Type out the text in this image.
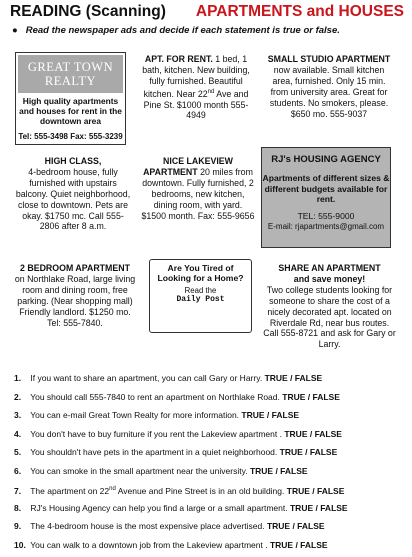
READING (Scanning) APARTMENTS and HOUSES
● Read the newspaper ads and decide if each statement is true or false.
GREAT TOWN
REALTY
High quality apartments and houses for rent in the downtown area
Tel: 555-3498 Fax: 555-3239
APT. FOR RENT. 1 bed, 1 bath, kitchen. New building, fully furnished. Beautiful kitchen. Near 22nd Ave and Pine St. $1000 month 555-4949
SMALL STUDIO APARTMENT now available. Small kitchen area, furnished. Only 15 min. from university area. Great for students. No smokers, please. $650 mo. 555-9037
HIGH CLASS,
4-bedroom house, fully furnished with upstairs balcony. Quiet neighborhood, close to downtown. Pets are okay. $1750 mc. Call 555-2806 after 8 a.m.
NICE LAKEVIEW APARTMENT 20 miles from downtown. Fully furnished, 2 bedrooms, new kitchen, dining room, with yard. $1500 month. Fax: 555-9656
RJ's HOUSING AGENCY
Apartments of different sizes & different budgets available for rent.
TEL: 555-9000
E-mail: rjapartments@gmail.com
2 BEDROOM APARTMENT on Northlake Road, large living room and dining room, free parking. (Near shopping mall) Friendly landlord. $1250 mo. Tel: 555-7840.
Are You Tired of Looking for a Home?
Read the
Daily Post
SHARE AN APARTMENT
and save money!
Two college students looking for someone to share the cost of a nicely decorated apt. located on Riverdale Rd, near bus routes. Call 555-8721 and ask for Gary or Larry.
1. If you want to share an apartment, you can call Gary or Harry. TRUE / FALSE
2. You should call 555-7840 to rent an apartment on Northlake Road. TRUE / FALSE
3. You can e-mail Great Town Realty for more information. TRUE / FALSE
4. You don't have to buy furniture if you rent the Lakeview apartment . TRUE / FALSE
5. You shouldn't have pets in the apartment in a quiet neighborhood. TRUE / FALSE
6. You can smoke in the small apartment near the university. TRUE / FALSE
7. The apartment on 22nd Avenue and Pine Street is in an old building. TRUE / FALSE
8. RJ's Housing Agency can help you find a large or a small apartment. TRUE / FALSE
9. The 4-bedroom house is the most expensive place advertised. TRUE / FALSE
10. You can walk to a downtown job from the Lakeview apartment . TRUE / FALSE
